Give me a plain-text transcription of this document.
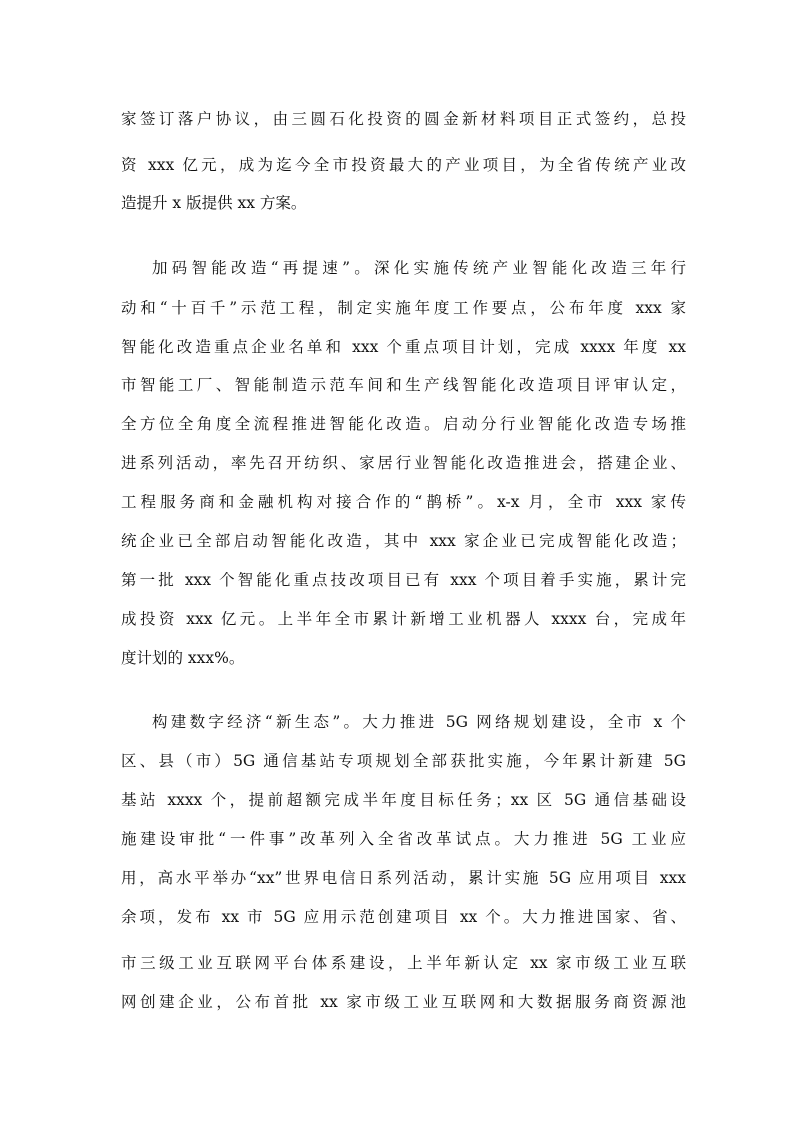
家签订落户协议，由三圆石化投资的圆金新材料项目正式签约，总投
资 xxx 亿元，成为迄今全市投资最大的产业项目，为全省传统产业改
造提升 x 版提供 xx 方案。
加码智能改造“再提速”。深化实施传统产业智能化改造三年行
动和“十百千”示范工程，制定实施年度工作要点，公布年度 xxx 家
智能化改造重点企业名单和 xxx 个重点项目计划，完成 xxxx 年度 xx
市智能工厂、智能制造示范车间和生产线智能化改造项目评审认定，
全方位全角度全流程推进智能化改造。启动分行业智能化改造专场推
进系列活动，率先召开纺织、家居行业智能化改造推进会，搭建企业、
工程服务商和金融机构对接合作的“鹊桥”。x-x 月，全市 xxx 家传
统企业已全部启动智能化改造，其中 xxx 家企业已完成智能化改造；
第一批 xxx 个智能化重点技改项目已有 xxx 个项目着手实施，累计完
成投资 xxx 亿元。上半年全市累计新增工业机器人 xxxx 台，完成年
度计划的 xxx%。
构建数字经济“新生态”。大力推进 5G 网络规划建设，全市 x 个
区、县（市）5G 通信基站专项规划全部获批实施，今年累计新建 5G
基站 xxxx 个，提前超额完成半年度目标任务；xx 区 5G 通信基础设
施建设审批“一件事”改革列入全省改革试点。大力推进 5G 工业应
用，高水平举办“xx”世界电信日系列活动，累计实施 5G 应用项目 xxx
余项，发布 xx 市 5G 应用示范创建项目 xx 个。大力推进国家、省、
市三级工业互联网平台体系建设，上半年新认定 xx 家市级工业互联
网创建企业，公布首批 xx 家市级工业互联网和大数据服务商资源池
